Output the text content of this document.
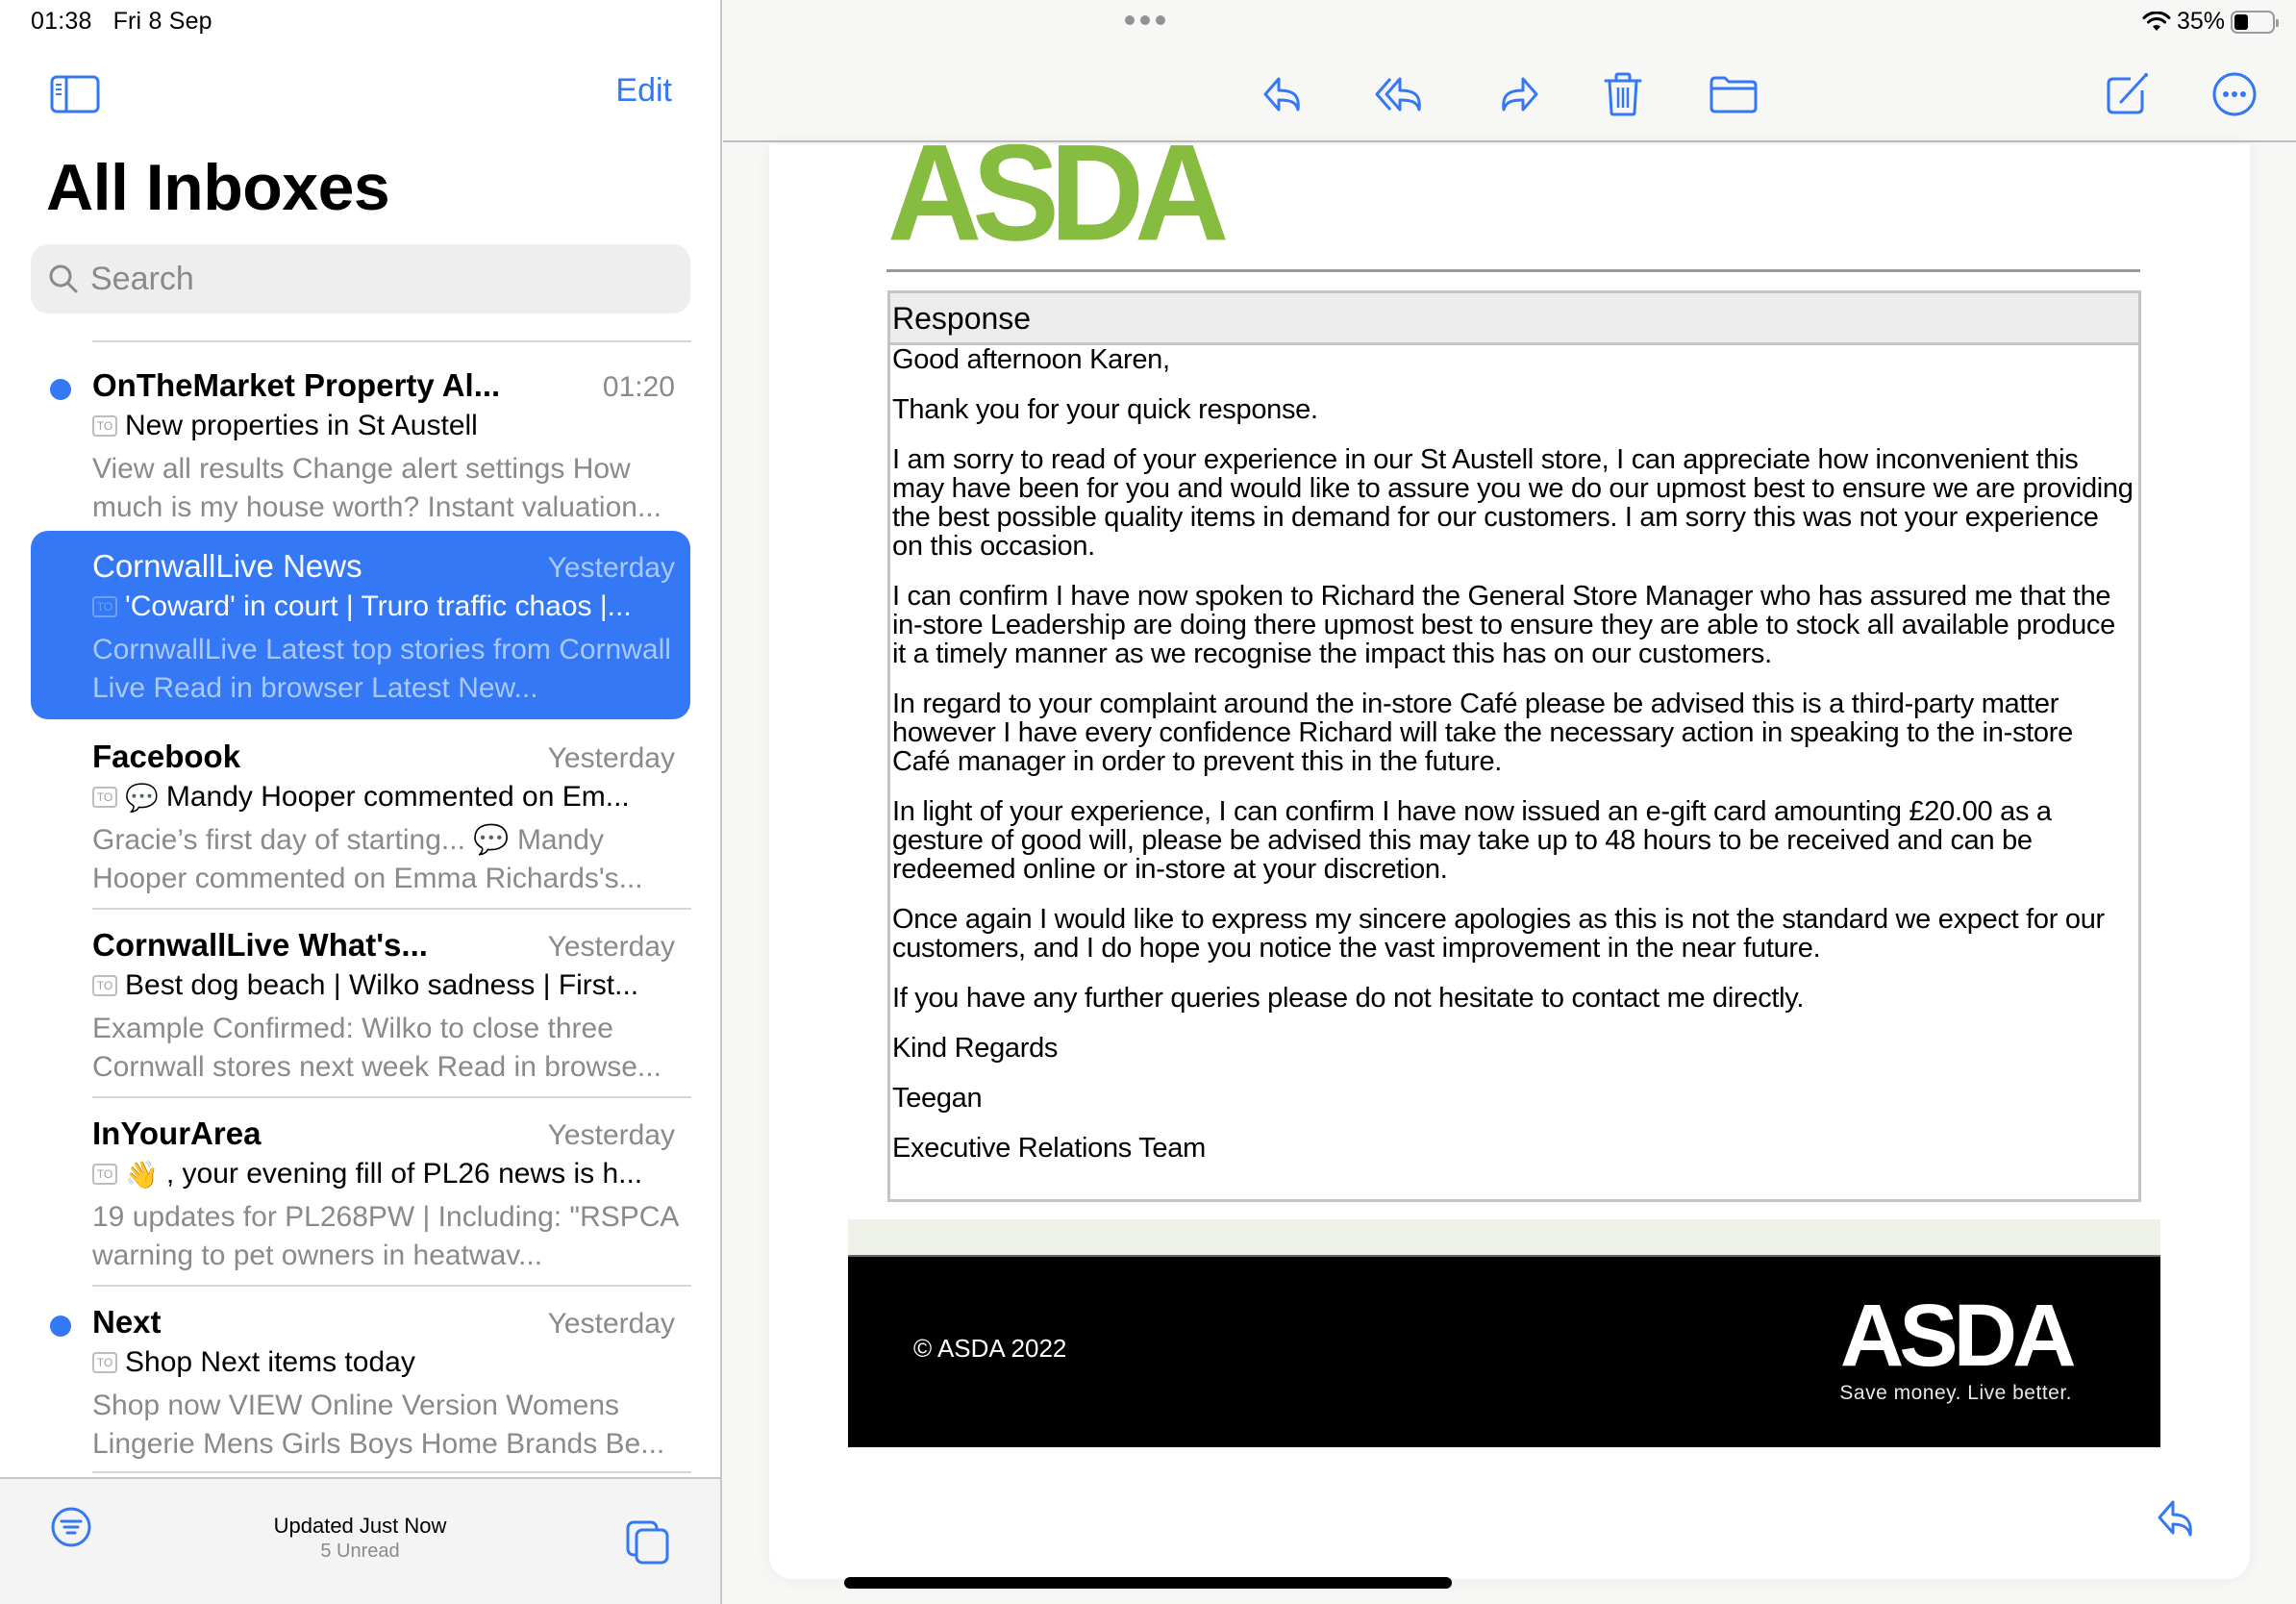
01:38 Fri 8 Sep
Edit
All Inboxes
Search
OnTheMarket Property Al...	01:20
TO New properties in St Austell
View all results Change alert settings How much is my house worth? Instant valuation...
CornwallLive News	Yesterday
TO 'Coward' in court | Truro traffic chaos |...
CornwallLive Latest top stories from Cornwall Live Read in browser Latest New...
Facebook	Yesterday
TO 💬 Mandy Hooper commented on Em...
Gracie’s first day of starting... 💬 Mandy Hooper commented on Emma Richards's...
CornwallLive What's...	Yesterday
TO Best dog beach | Wilko sadness | First...
Example Confirmed: Wilko to close three Cornwall stores next week Read in browse...
InYourArea	Yesterday
TO 👋 , your evening fill of PL26 news is h...
19 updates for PL268PW | Including: "RSPCA warning to pet owners in heatwav...
Next	Yesterday
TO Shop Next items today
Shop now VIEW Online Version Womens Lingerie Mens Girls Boys Home Brands Be...
Updated Just Now
5 Unread
35%
ASDA
Response

Good afternoon Karen,

Thank you for your quick response.

I am sorry to read of your experience in our St Austell store, I can appreciate how inconvenient this may have been for you and would like to assure you we do our upmost best to ensure we are providing the best possible quality items in demand for our customers. I am sorry this was not your experience on this occasion.

I can confirm I have now spoken to Richard the General Store Manager who has assured me that the in-store Leadership are doing there upmost best to ensure they are able to stock all available produce it a timely manner as we recognise the impact this has on our customers.

In regard to your complaint around the in-store Café please be advised this is a third-party matter however I have every confidence Richard will take the necessary action in speaking to the in-store Café manager in order to prevent this in the future.

In light of your experience, I can confirm I have now issued an e-gift card amounting £20.00 as a gesture of good will, please be advised this may take up to 48 hours to be received and can be redeemed online or in-store at your discretion.

Once again I would like to express my sincere apologies as this is not the standard we expect for our customers, and I do hope you notice the vast improvement in the near future.

If you have any further queries please do not hesitate to contact me directly.

Kind Regards

Teegan

Executive Relations Team

© ASDA 2022	ASDA
Save money. Live better.
